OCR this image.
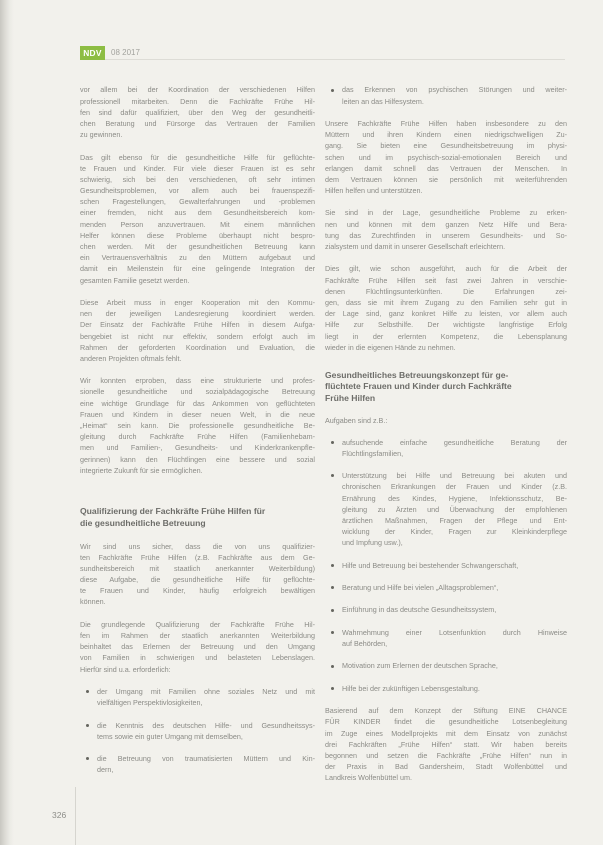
NDV	08 2017
vor allem bei der Koordination der verschiedenen Hilfen
professionell mitarbeiten. Denn die Fachkräfte Frühe Hil-
fen sind dafür qualifiziert, über den Weg der gesundheitli-
chen Beratung und Fürsorge das Vertrauen der Familien
zu gewinnen.
Das gilt ebenso für die gesundheitliche Hilfe für geflüchte-
te Frauen und Kinder. Für viele dieser Frauen ist es sehr
schwierig, sich bei den verschiedenen, oft sehr intimen
Gesundheitsproblemen, vor allem auch bei frauenspezifi-
schen Fragestellungen, Gewalterfahrungen und -problemen
einer fremden, nicht aus dem Gesundheitsbereich kom-
menden Person anzuvertrauen. Mit einem männlichen
Helfer können diese Probleme überhaupt nicht bespro-
chen werden. Mit der gesundheitlichen Betreuung kann
ein Vertrauensverhältnis zu den Müttern aufgebaut und
damit ein Meilenstein für eine gelingende Integration der
gesamten Familie gesetzt werden.
Diese Arbeit muss in enger Kooperation mit den Kommu-
nen der jeweiligen Landesregierung koordiniert werden.
Der Einsatz der Fachkräfte Frühe Hilfen in diesem Aufga-
bengebiet ist nicht nur effektiv, sondern erfolgt auch im
Rahmen der geforderten Koordination und Evaluation, die
anderen Projekten oftmals fehlt.
Wir konnten erproben, dass eine strukturierte und profes-
sionelle gesundheitliche und sozialpädagogische Betreuung
eine wichtige Grundlage für das Ankommen von geflüchteten
Frauen und Kindern in dieser neuen Welt, in die neue
„Heimat“ sein kann. Die professionelle gesundheitliche Be-
gleitung durch Fachkräfte Frühe Hilfen (Familienhebam-
men und Familien-, Gesundheits- und Kinderkrankenpfle-
gerinnen) kann den Flüchtlingen eine bessere und sozial
integrierte Zukunft für sie ermöglichen.
Qualifizierung der Fachkräfte Frühe Hilfen für
die gesundheitliche Betreuung
Wir sind uns sicher, dass die von uns qualifizier-
ten Fachkräfte Frühe Hilfen (z.B. Fachkräfte aus dem Ge-
sundheitsbereich mit staatlich anerkannter Weiterbildung)
diese Aufgabe, die gesundheitliche Hilfe für geflüchte-
te Frauen und Kinder, häufig erfolgreich bewältigen
können.
Die grundlegende Qualifizierung der Fachkräfte Frühe Hil-
fen im Rahmen der staatlich anerkannten Weiterbildung
beinhaltet das Erlernen der Betreuung und den Umgang
von Familien in schwierigen und belasteten Lebenslagen.
Hierfür sind u.a. erforderlich:
der Umgang mit Familien ohne soziales Netz und mit
vielfältigen Perspektivlosigkeiten,
die Kenntnis des deutschen Hilfe- und Gesundheitssys-
tems sowie ein guter Umgang mit demselben,
die Betreuung von traumatisierten Müttern und Kin-
dern,
das Erkennen von psychischen Störungen und weiter-
leiten an das Hilfesystem.
Unsere Fachkräfte Frühe Hilfen haben insbesondere zu den
Müttern und ihren Kindern einen niedrigschwelligen Zu-
gang. Sie bieten eine Gesundheitsbetreuung im physi-
schen und im psychisch-sozial-emotionalen Bereich und
erlangen damit schnell das Vertrauen der Menschen. In
dem Vertrauen können sie persönlich mit weiterführenden
Hilfen helfen und unterstützen.
Sie sind in der Lage, gesundheitliche Probleme zu erken-
nen und können mit dem ganzen Netz Hilfe und Bera-
tung das Zurechtfinden in unserem Gesundheits- und So-
zialsystem und damit in unserer Gesellschaft erleichtern.
Dies gilt, wie schon ausgeführt, auch für die Arbeit der
Fachkräfte Frühe Hilfen seit fast zwei Jahren in verschie-
denen Flüchtlingsunterkünften. Die Erfahrungen zei-
gen, dass sie mit ihrem Zugang zu den Familien sehr gut in
der Lage sind, ganz konkret Hilfe zu leisten, vor allem auch
Hilfe zur Selbsthilfe. Der wichtigste langfristige Erfolg
liegt in der erlernten Kompetenz, die Lebensplanung
wieder in die eigenen Hände zu nehmen.
Gesundheitliches Betreuungskonzept für ge-
flüchtete Frauen und Kinder durch Fachkräfte
Frühe Hilfen
Aufgaben sind z.B.:
aufsuchende einfache gesundheitliche Beratung der
Flüchtlingsfamilien,
Unterstützung bei Hilfe und Betreuung bei akuten und
chronischen Erkrankungen der Frauen und Kinder (z.B.
Ernährung des Kindes, Hygiene, Infektionsschutz, Be-
gleitung zu Ärzten und Überwachung der empfohlenen
ärztlichen Maßnahmen, Fragen der Pflege und Ent-
wicklung der Kinder, Fragen zur Kleinkinderpflege
und Impfung usw.),
Hilfe und Betreuung bei bestehender Schwangerschaft,
Beratung und Hilfe bei vielen „Alltagsproblemen“,
Einführung in das deutsche Gesundheitssystem,
Wahrnehmung einer Lotsenfunktion durch Hinweise
auf Behörden,
Motivation zum Erlernen der deutschen Sprache,
Hilfe bei der zukünftigen Lebensgestaltung.
Basierend auf dem Konzept der Stiftung EINE CHANCE
FÜR KINDER findet die gesundheitliche Lotsenbegleitung
im Zuge eines Modellprojekts mit dem Einsatz von zunächst
drei Fachkräften „Frühe Hilfen“ statt. Wir haben bereits
begonnen und setzen die Fachkräfte „Frühe Hilfen“ nun in
der Praxis in Bad Gandersheim, Stadt Wolfenbüttel und
Landkreis Wolfenbüttel um.
326
